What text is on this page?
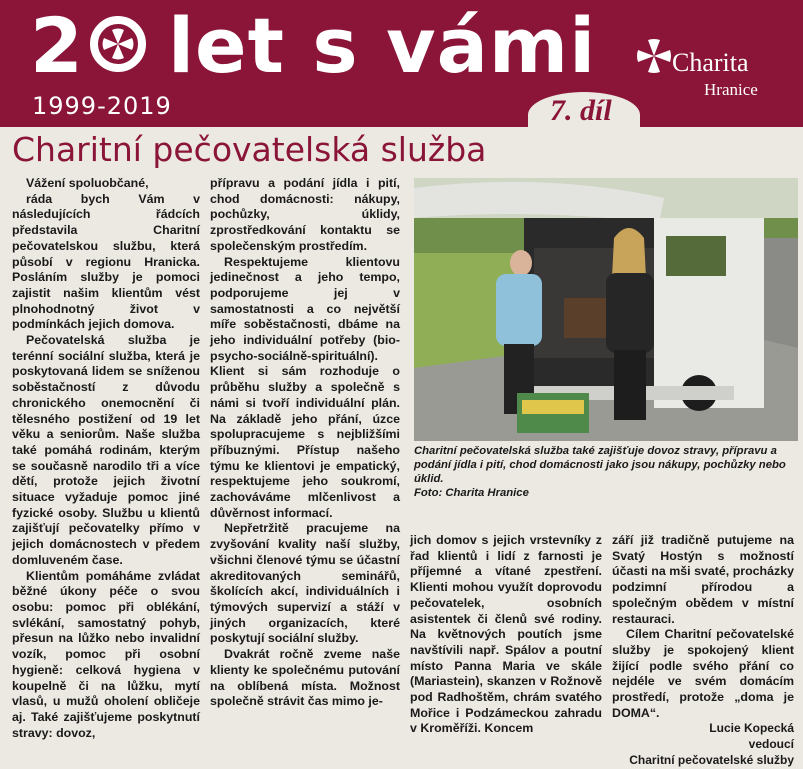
2 let s vámi
1999-2019
Charita
Hranice
7. díl
Charitní pečovatelská služba

Vážení spoluobčané,

ráda bych Vám v následujících řádcích představila Charitní pečovatelskou službu, která působí v regionu Hranicka. Posláním služby je pomoci zajistit našim klientům vést plnohodnotný život v podmínkách jejich domova.

Pečovatelská služba je terénní sociální služba, která je poskytovaná lidem se sníženou soběstačností z důvodu chronického onemocnění či tělesného postižení od 19 let věku a seniorům. Naše služba také pomáhá rodinám, kterým se současně narodilo tři a více dětí, protože jejich životní situace vyžaduje pomoc jiné fyzické osoby. Službu u klientů zajišťují pečovatelky přímo v jejich domácnostech v předem domluveném čase.

Klientům pomáháme zvládat běžné úkony péče o svou osobu: pomoc při oblékání, svlékání, samostatný pohyb, přesun na lůžko nebo invalidní vozík, pomoc při osobní hygieně: celková hygiena v koupelně či na lůžku, mytí vlasů, u mužů oholení obličeje aj. Také zajišťujeme poskytnutí stravy: dovoz,

přípravu a podání jídla i pití, chod domácnosti: nákupy, pochůzky, úklidy, zprostředkování kontaktu se společenským prostředím.

Respektujeme klientovu jedinečnost a jeho tempo, podporujeme jej v samostatnosti a co největší míře soběstačnosti, dbáme na jeho individuální potřeby (bio-psycho-sociálně-spirituální). Klient si sám rozhoduje o průběhu služby a společně s námi si tvoří individuální plán. Na základě jeho přání, úzce spolupracujeme s nejbližšími příbuznými. Přístup našeho týmu ke klientovi je empatický, respektujeme jeho soukromí, zachováváme mlčenlivost a důvěrnost informací.

Nepřetržitě pracujeme na zvyšování kvality naší služby, všichni členové týmu se účastní akreditovaných seminářů, školících akcí, individuálních i týmových supervizí a stáží v jiných organizacích, které poskytují sociální služby.

Dvakrát ročně zveme naše klienty ke společnému putování na oblíbená místa. Možnost společně strávit čas mimo je-

Charitní pečovatelská služba také zajišťuje dovoz stravy, přípravu a podání jídla i pití, chod domácnosti jako jsou nákupy, pochůzky nebo úklid.
Foto: Charita Hranice

jich domov s jejich vrstevníky z řad klientů i lidí z farnosti je příjemné a vítané zpestření. Klienti mohou využít doprovodu pečovatelek, osobních asistentek či členů své rodiny. Na květnových poutích jsme navštívili např. Spálov a poutní místo Panna Maria ve skále (Mariastein), skanzen v Rožnově pod Radhoštěm, chrám svatého Mořice i Podzámeckou zahradu v Kroměříži. Koncem

září již tradičně putujeme na Svatý Hostýn s možností účasti na mši svaté, procházky podzimní přírodou a společným obědem v místní restauraci.

Cílem Charitní pečovatelské služby je spokojený klient žijící podle svého přání co nejdéle ve svém domácím prostředí, protože „doma je DOMA“.

Lucie Kopecká

vedoucí

Charitní pečovatelské služby
